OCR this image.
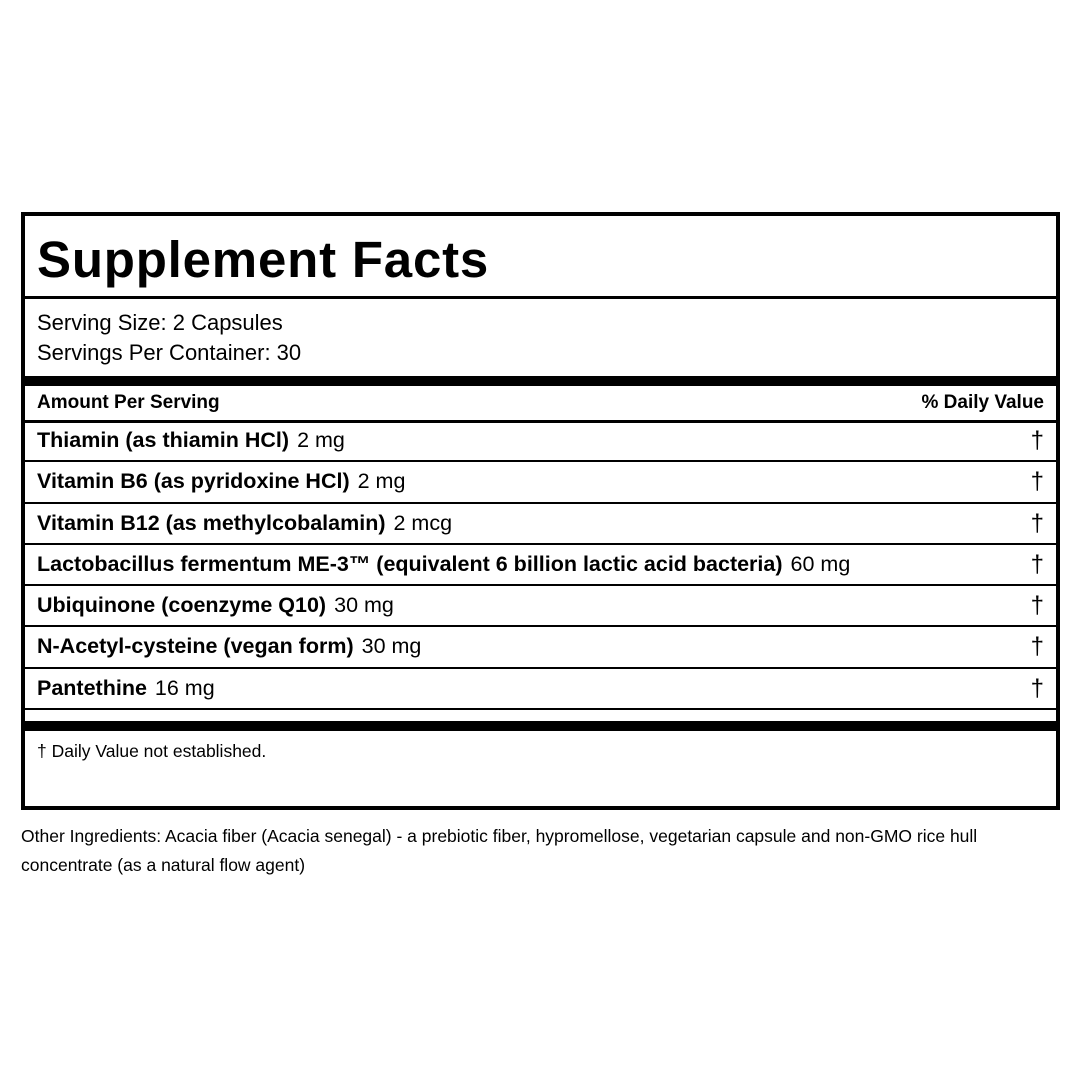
Supplement Facts
Serving Size: 2 Capsules
Servings Per Container: 30
Amount Per Serving	% Daily Value
Thiamin (as thiamin HCl) 2 mg	†
Vitamin B6 (as pyridoxine HCl) 2 mg	†
Vitamin B12 (as methylcobalamin) 2 mcg	†
Lactobacillus fermentum ME-3™ (equivalent 6 billion lactic acid bacteria) 60 mg	†
Ubiquinone (coenzyme Q10) 30 mg	†
N-Acetyl-cysteine (vegan form) 30 mg	†
Pantethine 16 mg	†
† Daily Value not established.
Other Ingredients: Acacia fiber (Acacia senegal) - a prebiotic fiber, hypromellose, vegetarian capsule and non-GMO rice hull concentrate (as a natural flow agent)
